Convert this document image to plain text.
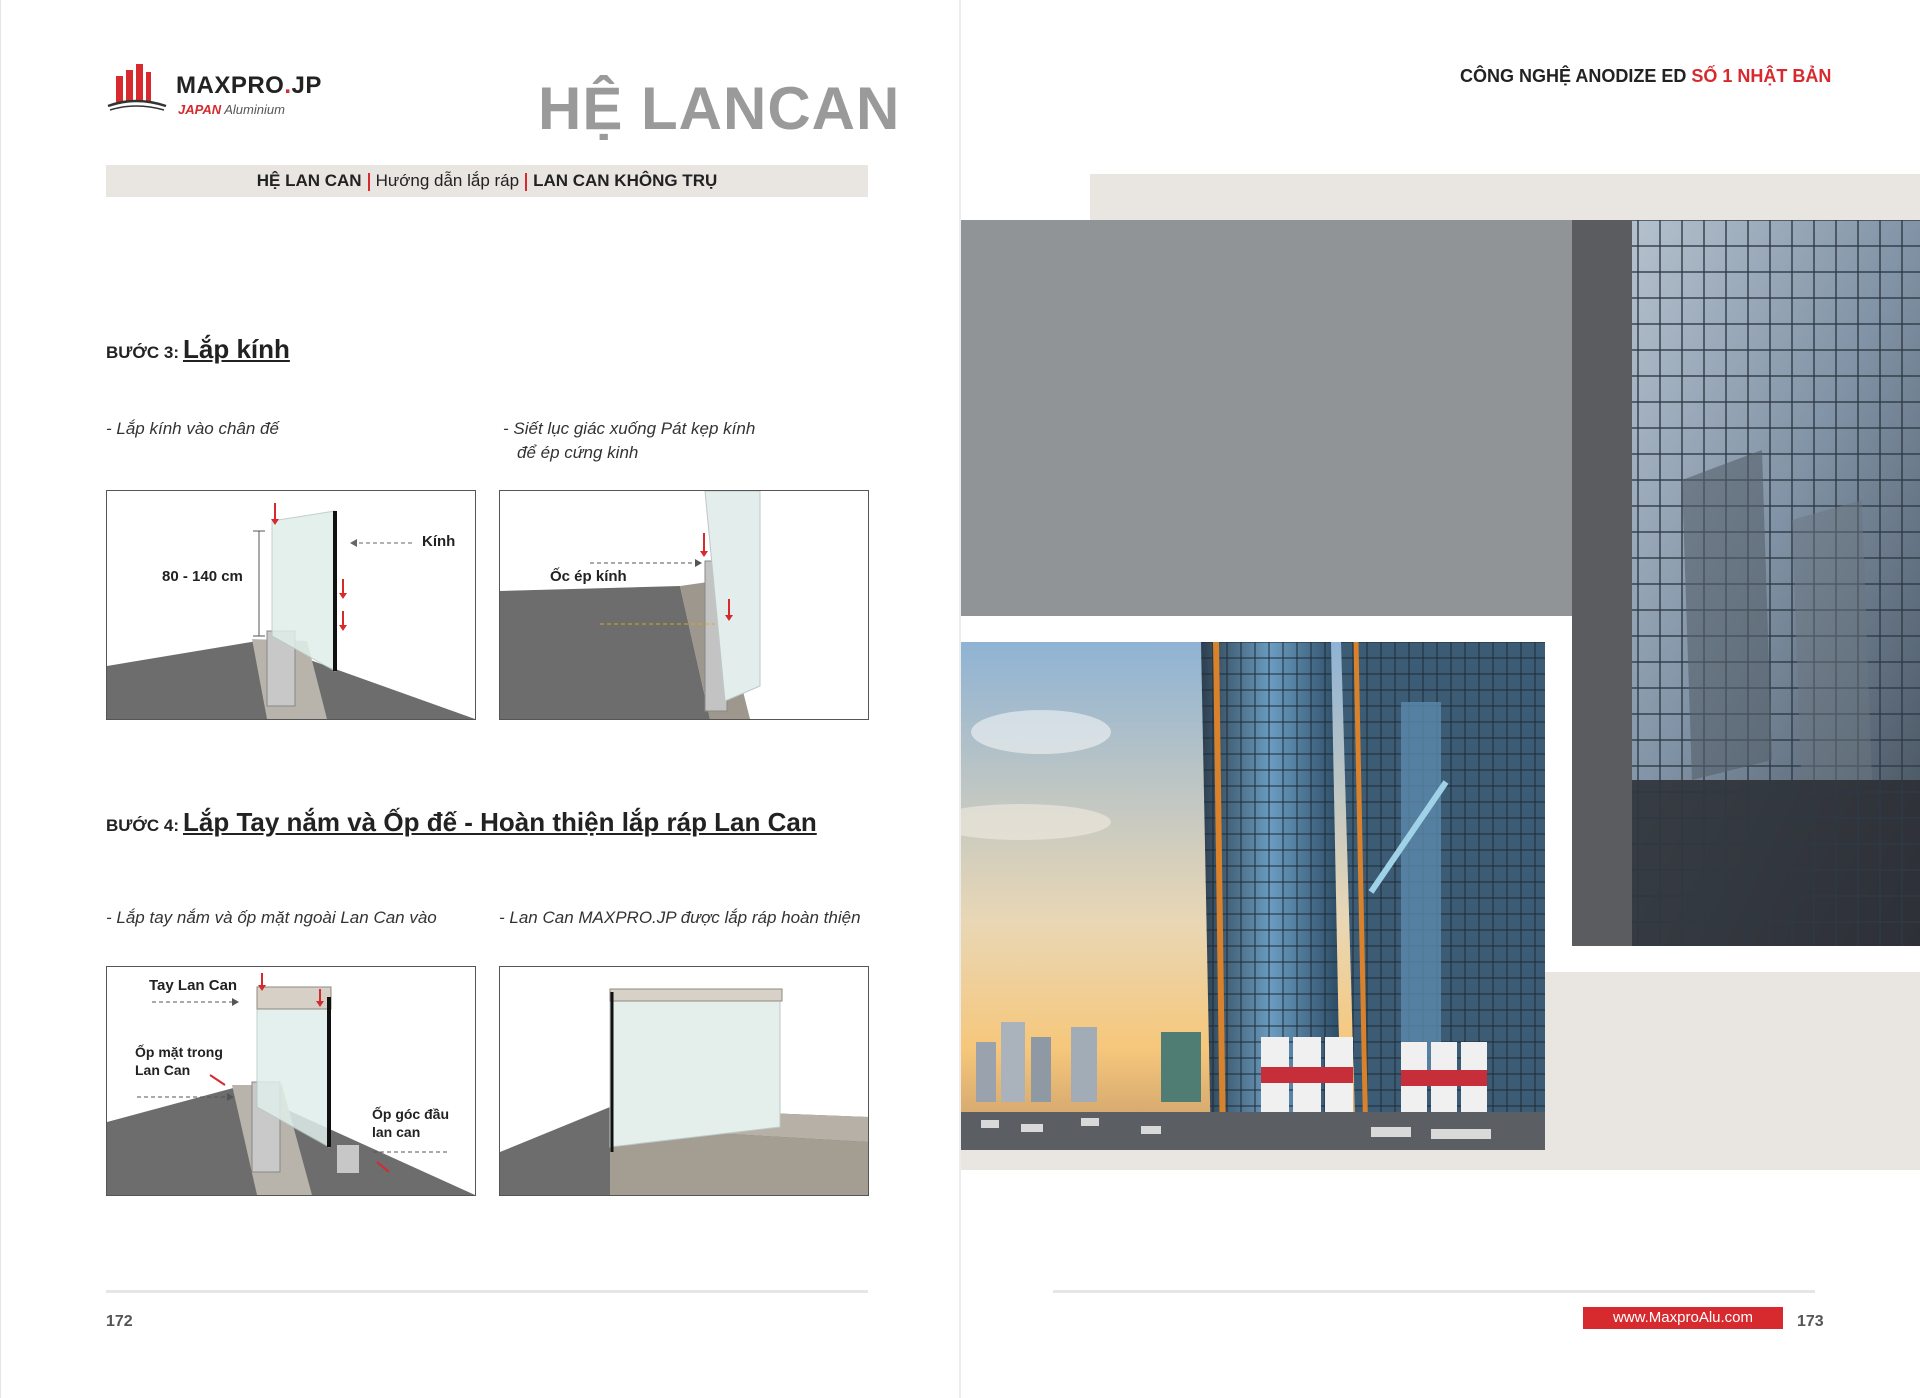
MAXPRO.JP
JAPAN Aluminium	HỆ LANCAN
HỆ LAN CAN Hướng dẫn lắp ráp LAN CAN KHÔNG TRỤ
BƯỚC 3: Lắp kính
- Lắp kính vào chân đế	- Siết lục giác xuống Pát kẹp kính
để ép cứng kinh
80 - 140 cm
Kính
Ốc ép kính
BƯỚC 4: Lắp Tay nắm và Ốp đế - Hoàn thiện lắp ráp Lan Can
- Lắp tay nắm và ốp mặt ngoài Lan Can vào	- Lan Can MAXPRO.JP được lắp ráp hoàn thiện
Tay Lan Can
Ốp mặt trong
Lan Can
Ốp góc đầu
lan can
172
CÔNG NGHỆ ANODIZE ED SỐ 1 NHẬT BẢN
www.MaxproAlu.com	173
